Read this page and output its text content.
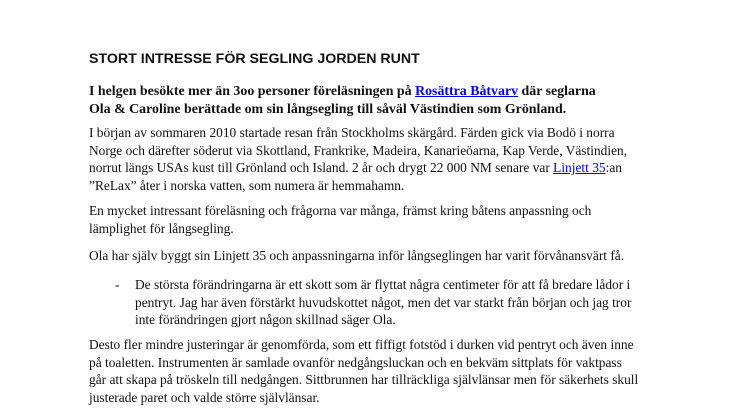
STORT INTRESSE FÖR SEGLING JORDEN RUNT

I helgen besökte mer än 3oo personer föreläsningen på Rosättra Båtvarv där seglarna
Ola & Caroline berättade om sin långsegling till såväl Västindien som Grönland.

I början av sommaren 2010 startade resan från Stockholms skärgård. Färden gick via Bodö i norra
Norge och därefter söderut via Skottland, Frankrike, Madeira, Kanarieöarna, Kap Verde, Västindien,
norrut längs USAs kust till Grönland och Island. 2 år och drygt 22 000 NM senare var Linjett 35:an
”ReLax” åter i norska vatten, som numera är hemmahamn.

En mycket intressant föreläsning och frågorna var många, främst kring båtens anpassning och
lämplighet för långsegling.

Ola har själv byggt sin Linjett 35 och anpassningarna inför långseglingen har varit förvånansvärt få.

- De största förändringarna är ett skott som är flyttat några centimeter för att få bredare lådor i
pentryt. Jag har även förstärkt huvudskottet något, men det var starkt från början och jag tror
inte förändringen gjort någon skillnad säger Ola.

Desto fler mindre justeringar är genomförda, som ett fiffigt fotstöd i durken vid pentryt och även inne
på toaletten. Instrumenten är samlade ovanför nedgångsluckan och en bekväm sittplats för vaktpass
går att skapa på tröskeln till nedgången. Sittbrunnen har tillräckliga självlänsar men för säkerhets skull
justerade paret och valde större självlänsar.
